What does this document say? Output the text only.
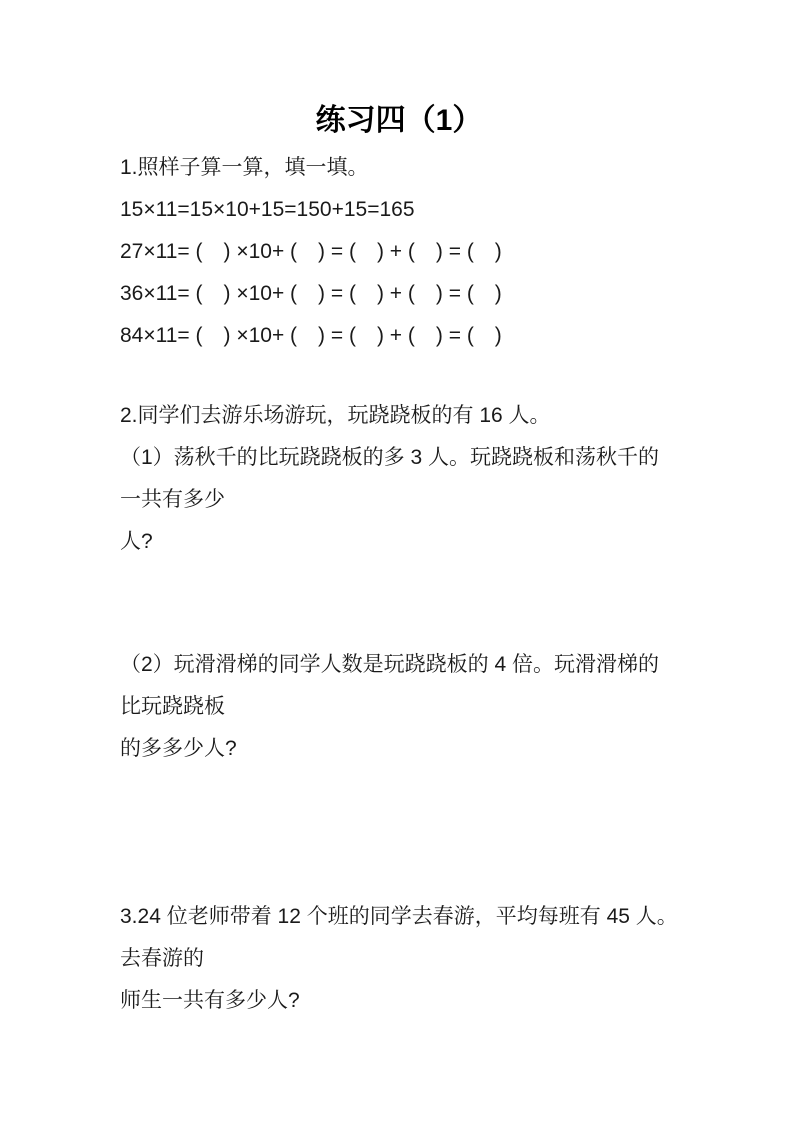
练习四（1）

1.照样子算一算，填一填。

15×11=15×10+15=150+15=165

27×11= (　) ×10+ (　) = (　) + (　) = (　)

36×11= (　) ×10+ (　) = (　) + (　) = (　)

84×11= (　) ×10+ (　) = (　) + (　) = (　)

2.同学们去游乐场游玩，玩跷跷板的有 16 人。

（1）荡秋千的比玩跷跷板的多 3 人。玩跷跷板和荡秋千的一共有多少

人?

（2）玩滑滑梯的同学人数是玩跷跷板的 4 倍。玩滑滑梯的比玩跷跷板

的多多少人?

3.24 位老师带着 12 个班的同学去春游，平均每班有 45 人。去春游的

师生一共有多少人?
